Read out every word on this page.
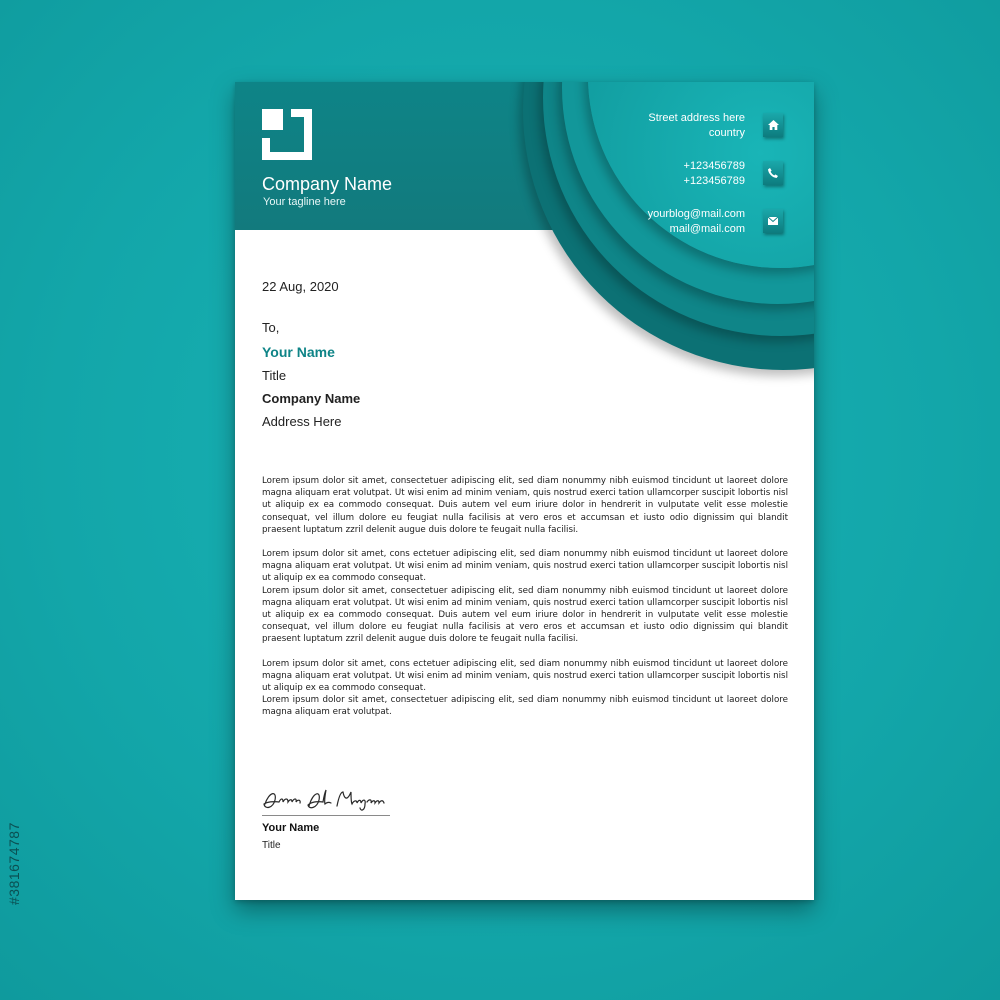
#381674787
Company Name
Your tagline here
Street address here
country
+123456789
+123456789
yourblog@mail.com
mail@mail.com
22 Aug, 2020
To,
Your Name
Title
Company Name
Address Here

Lorem ipsum dolor sit amet, consectetuer adipiscing elit, sed diam nonummy nibh euismod tincidunt ut laoreet dolore magna aliquam erat volutpat. Ut wisi enim ad minim veniam, quis nostrud exerci tation ullamcorper suscipit lobortis nisl ut aliquip ex ea commodo consequat. Duis autem vel eum iriure dolor in hendrerit in vulputate velit esse molestie consequat, vel illum dolore eu feugiat nulla facilisis at vero eros et accumsan et iusto odio dignissim qui blandit praesent luptatum zzril delenit augue duis dolore te feugait nulla facilisi.

Lorem ipsum dolor sit amet, cons ectetuer adipiscing elit, sed diam nonummy nibh euismod tincidunt ut laoreet dolore magna aliquam erat volutpat. Ut wisi enim ad minim veniam, quis nostrud exerci tation ullamcorper suscipit lobortis nisl ut aliquip ex ea commodo consequat.

Lorem ipsum dolor sit amet, consectetuer adipiscing elit, sed diam nonummy nibh euismod tincidunt ut laoreet dolore magna aliquam erat volutpat. Ut wisi enim ad minim veniam, quis nostrud exerci tation ullamcorper suscipit lobortis nisl ut aliquip ex ea commodo consequat. Duis autem vel eum iriure dolor in hendrerit in vulputate velit esse molestie consequat, vel illum dolore eu feugiat nulla facilisis at vero eros et accumsan et iusto odio dignissim qui blandit praesent luptatum zzril delenit augue duis dolore te feugait nulla facilisi.

Lorem ipsum dolor sit amet, cons ectetuer adipiscing elit, sed diam nonummy nibh euismod tincidunt ut laoreet dolore magna aliquam erat volutpat. Ut wisi enim ad minim veniam, quis nostrud exerci tation ullamcorper suscipit lobortis nisl ut aliquip ex ea commodo consequat.

Lorem ipsum dolor sit amet, consectetuer adipiscing elit, sed diam nonummy nibh euismod tincidunt ut laoreet dolore magna aliquam erat volutpat.

Your Name
Title
